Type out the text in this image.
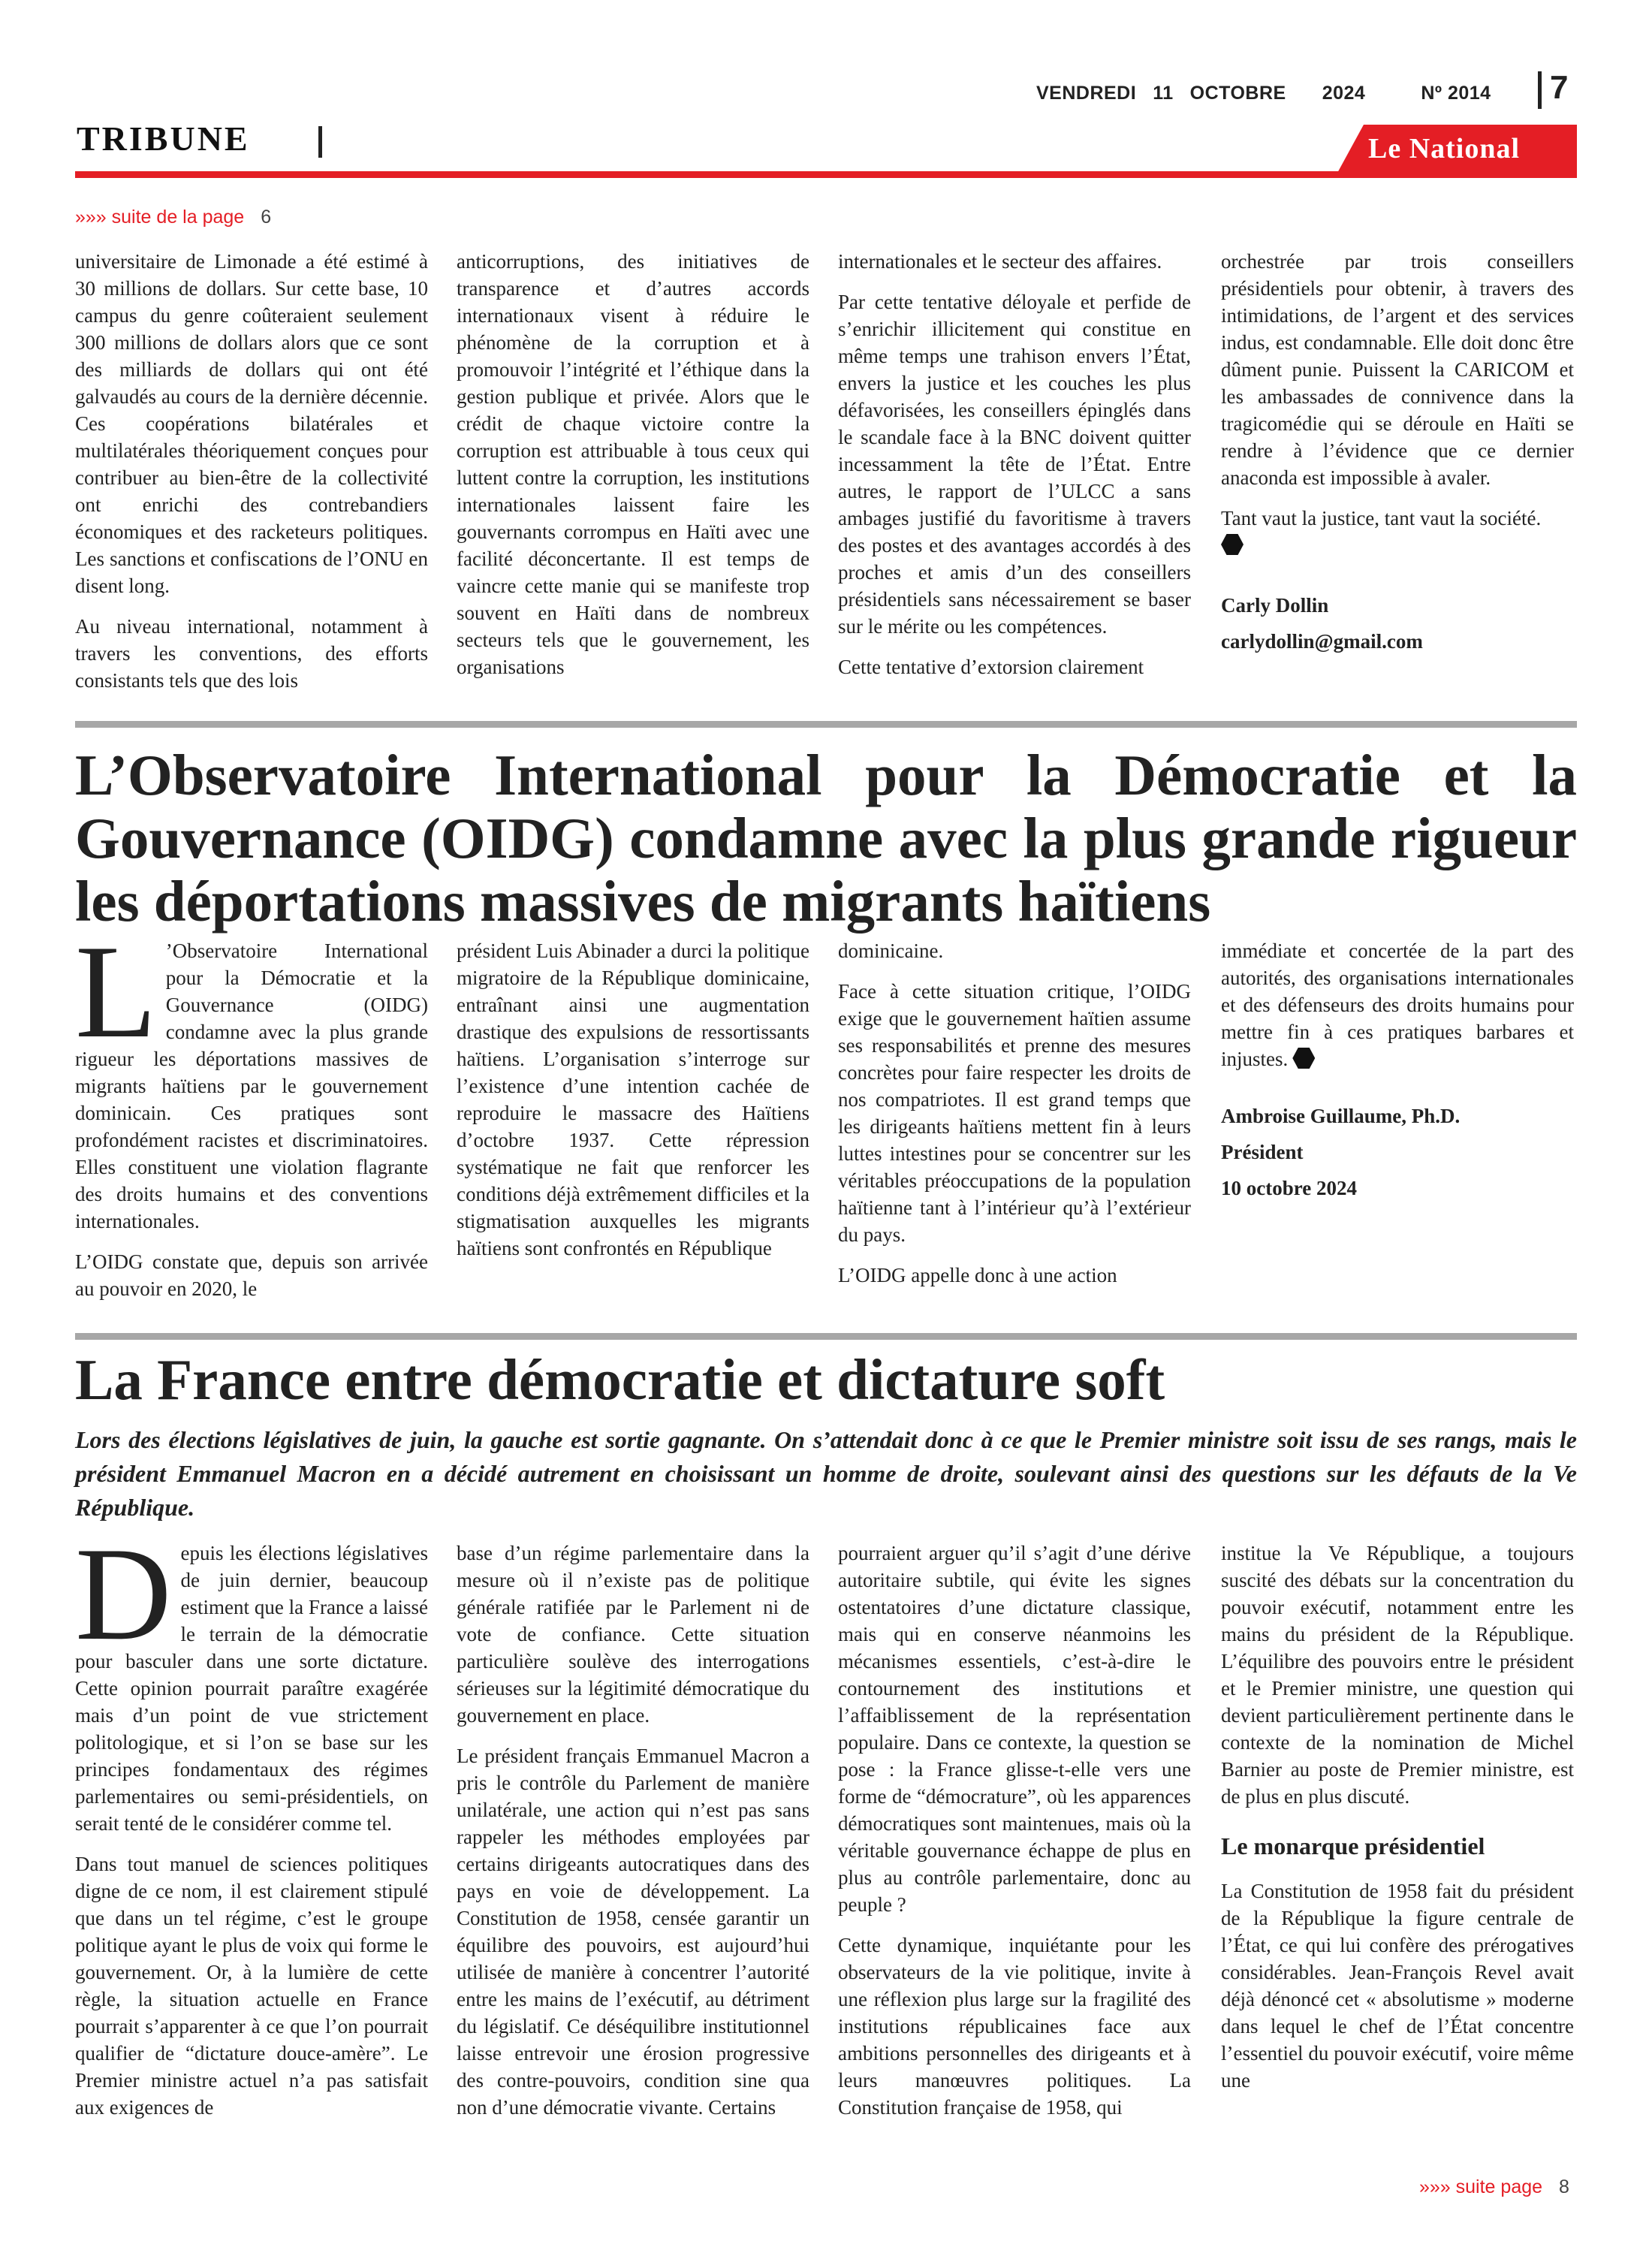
VENDREDI 11 OCTOBRE 2024	Nº 2014	7
TRIBUNE	Le National
»»» suite de la page 6

universitaire de Limonade a été estimé à 30 millions de dollars. Sur cette base, 10 campus du genre coûteraient seulement 300 millions de dollars alors que ce sont des milliards de dollars qui ont été galvaudés au cours de la dernière décennie. Ces coopérations bilatérales et multilatérales théoriquement conçues pour contribuer au bien-être de la collectivité ont enrichi des contrebandiers économiques et des racketeurs politiques. Les sanctions et confiscations de l’ONU en disent long.

Au niveau international, notamment à travers les conventions, des efforts consistants tels que des lois

anticorruptions, des initiatives de transparence et d’autres accords internationaux visent à réduire le phénomène de la corruption et à promouvoir l’intégrité et l’éthique dans la gestion publique et privée. Alors que le crédit de chaque victoire contre la corruption est attribuable à tous ceux qui luttent contre la corruption, les institutions internationales laissent faire les gouvernants corrompus en Haïti avec une facilité déconcertante. Il est temps de vaincre cette manie qui se manifeste trop souvent en Haïti dans de nombreux secteurs tels que le gouvernement, les organisations

internationales et le secteur des affaires.

Par cette tentative déloyale et perfide de s’enrichir illicitement qui constitue en même temps une trahison envers l’État, envers la justice et les couches les plus défavorisées, les conseillers épinglés dans le scandale face à la BNC doivent quitter incessamment la tête de l’État. Entre autres, le rapport de l’ULCC a sans ambages justifié du favoritisme à travers des postes et des avantages accordés à des proches et amis d’un des conseillers présidentiels sans nécessairement se baser sur le mérite ou les compétences.

Cette tentative d’extorsion clairement

orchestrée par trois conseillers présidentiels pour obtenir, à travers des intimidations, de l’argent et des services indus, est condamnable. Elle doit donc être dûment punie. Puissent la CARICOM et les ambassades de connivence dans la tragicomédie qui se déroule en Haïti se rendre à l’évidence que ce dernier anaconda est impossible à avaler.

Tant vaut la justice, tant vaut la société.

Carly Dollin

carlydollin@gmail.com

L’Observatoire International pour la Démocratie et la Gouvernance (OIDG) condamne avec la plus grande rigueur les déportations massives de migrants haïtiens

L ’Observatoire International pour la Démocratie et la Gouvernance (OIDG) condamne avec la plus grande rigueur les déportations massives de migrants haïtiens par le gouvernement dominicain. Ces pratiques sont profondément racistes et discriminatoires. Elles constituent une violation flagrante des droits humains et des conventions internationales.

L’OIDG constate que, depuis son arrivée au pouvoir en 2020, le

président Luis Abinader a durci la politique migratoire de la République dominicaine, entraînant ainsi une augmentation drastique des expulsions de ressortissants haïtiens. L’organisation s’interroge sur l’existence d’une intention cachée de reproduire le massacre des Haïtiens d’octobre 1937. Cette répression systématique ne fait que renforcer les conditions déjà extrêmement difficiles et la stigmatisation auxquelles les migrants haïtiens sont confrontés en République

dominicaine.

Face à cette situation critique, l’OIDG exige que le gouvernement haïtien assume ses responsabilités et prenne des mesures concrètes pour faire respecter les droits de nos compatriotes. Il est grand temps que les dirigeants haïtiens mettent fin à leurs luttes intestines pour se concentrer sur les véritables préoccupations de la population haïtienne tant à l’intérieur qu’à l’extérieur du pays.

L’OIDG appelle donc à une action

immédiate et concertée de la part des autorités, des organisations internationales et des défenseurs des droits humains pour mettre fin à ces pratiques barbares et injustes.

Ambroise Guillaume, Ph.D.

Président

10 octobre 2024

La France entre démocratie et dictature soft

Lors des élections législatives de juin, la gauche est sortie gagnante. On s’attendait donc à ce que le Premier ministre soit issu de ses rangs, mais le président Emmanuel Macron en a décidé autrement en choisissant un homme de droite, soulevant ainsi des questions sur les défauts de la Ve République.

Depuis les élections législatives de juin dernier, beaucoup estiment que la France a laissé le terrain de la démocratie pour basculer dans une sorte dictature. Cette opinion pourrait paraître exagérée mais d’un point de vue strictement politologique, et si l’on se base sur les principes fondamentaux des régimes parlementaires ou semi-présidentiels, on serait tenté de le considérer comme tel.

Dans tout manuel de sciences politiques digne de ce nom, il est clairement stipulé que dans un tel régime, c’est le groupe politique ayant le plus de voix qui forme le gouvernement. Or, à la lumière de cette règle, la situation actuelle en France pourrait s’apparenter à ce que l’on pourrait qualifier de “dictature douce-amère”. Le Premier ministre actuel n’a pas satisfait aux exigences de

base d’un régime parlementaire dans la mesure où il n’existe pas de politique générale ratifiée par le Parlement ni de vote de confiance. Cette situation particulière soulève des interrogations sérieuses sur la légitimité démocratique du gouvernement en place.

Le président français Emmanuel Macron a pris le contrôle du Parlement de manière unilatérale, une action qui n’est pas sans rappeler les méthodes employées par certains dirigeants autocratiques dans des pays en voie de développement. La Constitution de 1958, censée garantir un équilibre des pouvoirs, est aujourd’hui utilisée de manière à concentrer l’autorité entre les mains de l’exécutif, au détriment du législatif. Ce déséquilibre institutionnel laisse entrevoir une érosion progressive des contre-pouvoirs, condition sine qua non d’une démocratie vivante. Certains

pourraient arguer qu’il s’agit d’une dérive autoritaire subtile, qui évite les signes ostentatoires d’une dictature classique, mais qui en conserve néanmoins les mécanismes essentiels, c’est-à-dire le contournement des institutions et l’affaiblissement de la représentation populaire. Dans ce contexte, la question se pose : la France glisse-t-elle vers une forme de “démocrature”, où les apparences démocratiques sont maintenues, mais où la véritable gouvernance échappe de plus en plus au contrôle parlementaire, donc au peuple ?

Cette dynamique, inquiétante pour les observateurs de la vie politique, invite à une réflexion plus large sur la fragilité des institutions républicaines face aux ambitions personnelles des dirigeants et à leurs manœuvres politiques. La Constitution française de 1958, qui

institue la Ve République, a toujours suscité des débats sur la concentration du pouvoir exécutif, notamment entre les mains du président de la République. L’équilibre des pouvoirs entre le président et le Premier ministre, une question qui devient particulièrement pertinente dans le contexte de la nomination de Michel Barnier au poste de Premier ministre, est de plus en plus discuté.

Le monarque présidentiel

La Constitution de 1958 fait du président de la République la figure centrale de l’État, ce qui lui confère des prérogatives considérables. Jean-François Revel avait déjà dénoncé cet « absolutisme » moderne dans lequel le chef de l’État concentre l’essentiel du pouvoir exécutif, voire même une

»»» suite page 8
